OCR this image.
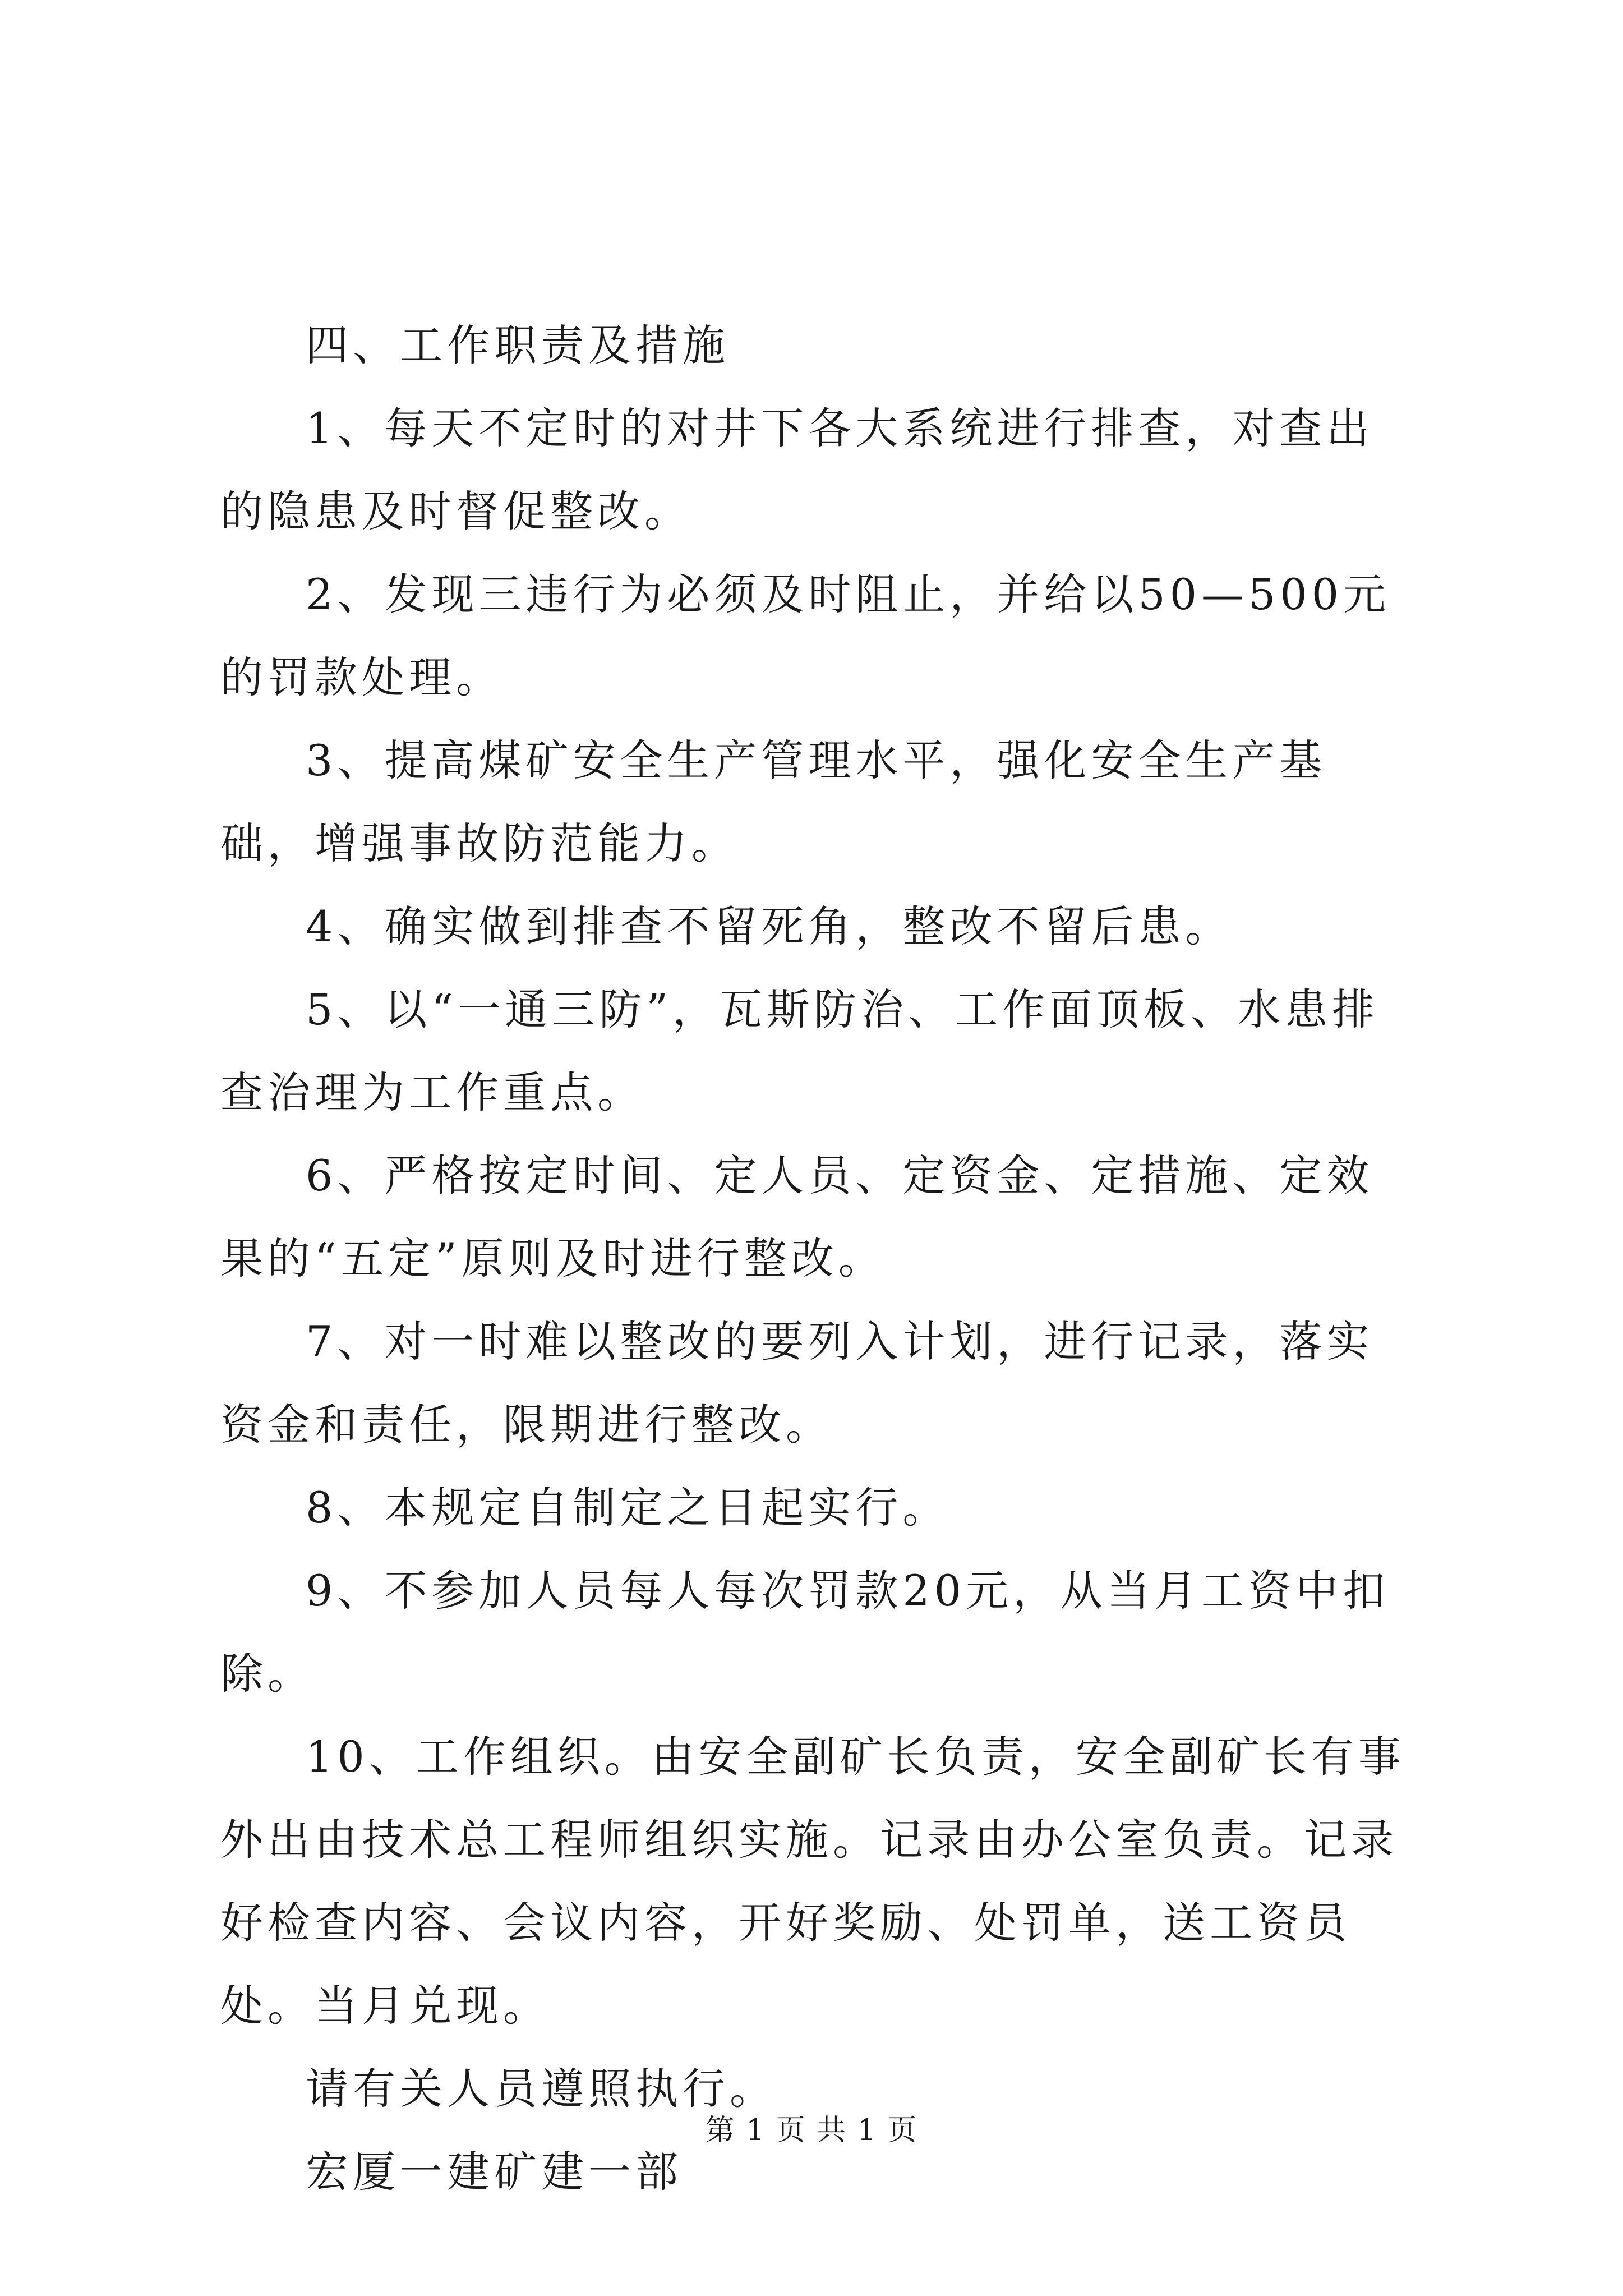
四、工作职责及措施

1、每天不定时的对井下各大系统进行排查，对查出的隐患及时督促整改。

2、发现三违行为必须及时阻止，并给以50—500元的罚款处理。

3、提高煤矿安全生产管理水平，强化安全生产基础，增强事故防范能力。

4、确实做到排查不留死角，整改不留后患。

5、以“一通三防”，瓦斯防治、工作面顶板、水患排查治理为工作重点。

6、严格按定时间、定人员、定资金、定措施、定效果的“五定”原则及时进行整改。

7、对一时难以整改的要列入计划，进行记录，落实资金和责任，限期进行整改。

8、本规定自制定之日起实行。

9、不参加人员每人每次罚款20元，从当月工资中扣除。

10、工作组织。由安全副矿长负责，安全副矿长有事外出由技术总工程师组织实施。记录由办公室负责。记录好检查内容、会议内容，开好奖励、处罚单，送工资员处。当月兑现。

请有关人员遵照执行。

宏厦一建矿建一部

第 1 页 共 1 页
